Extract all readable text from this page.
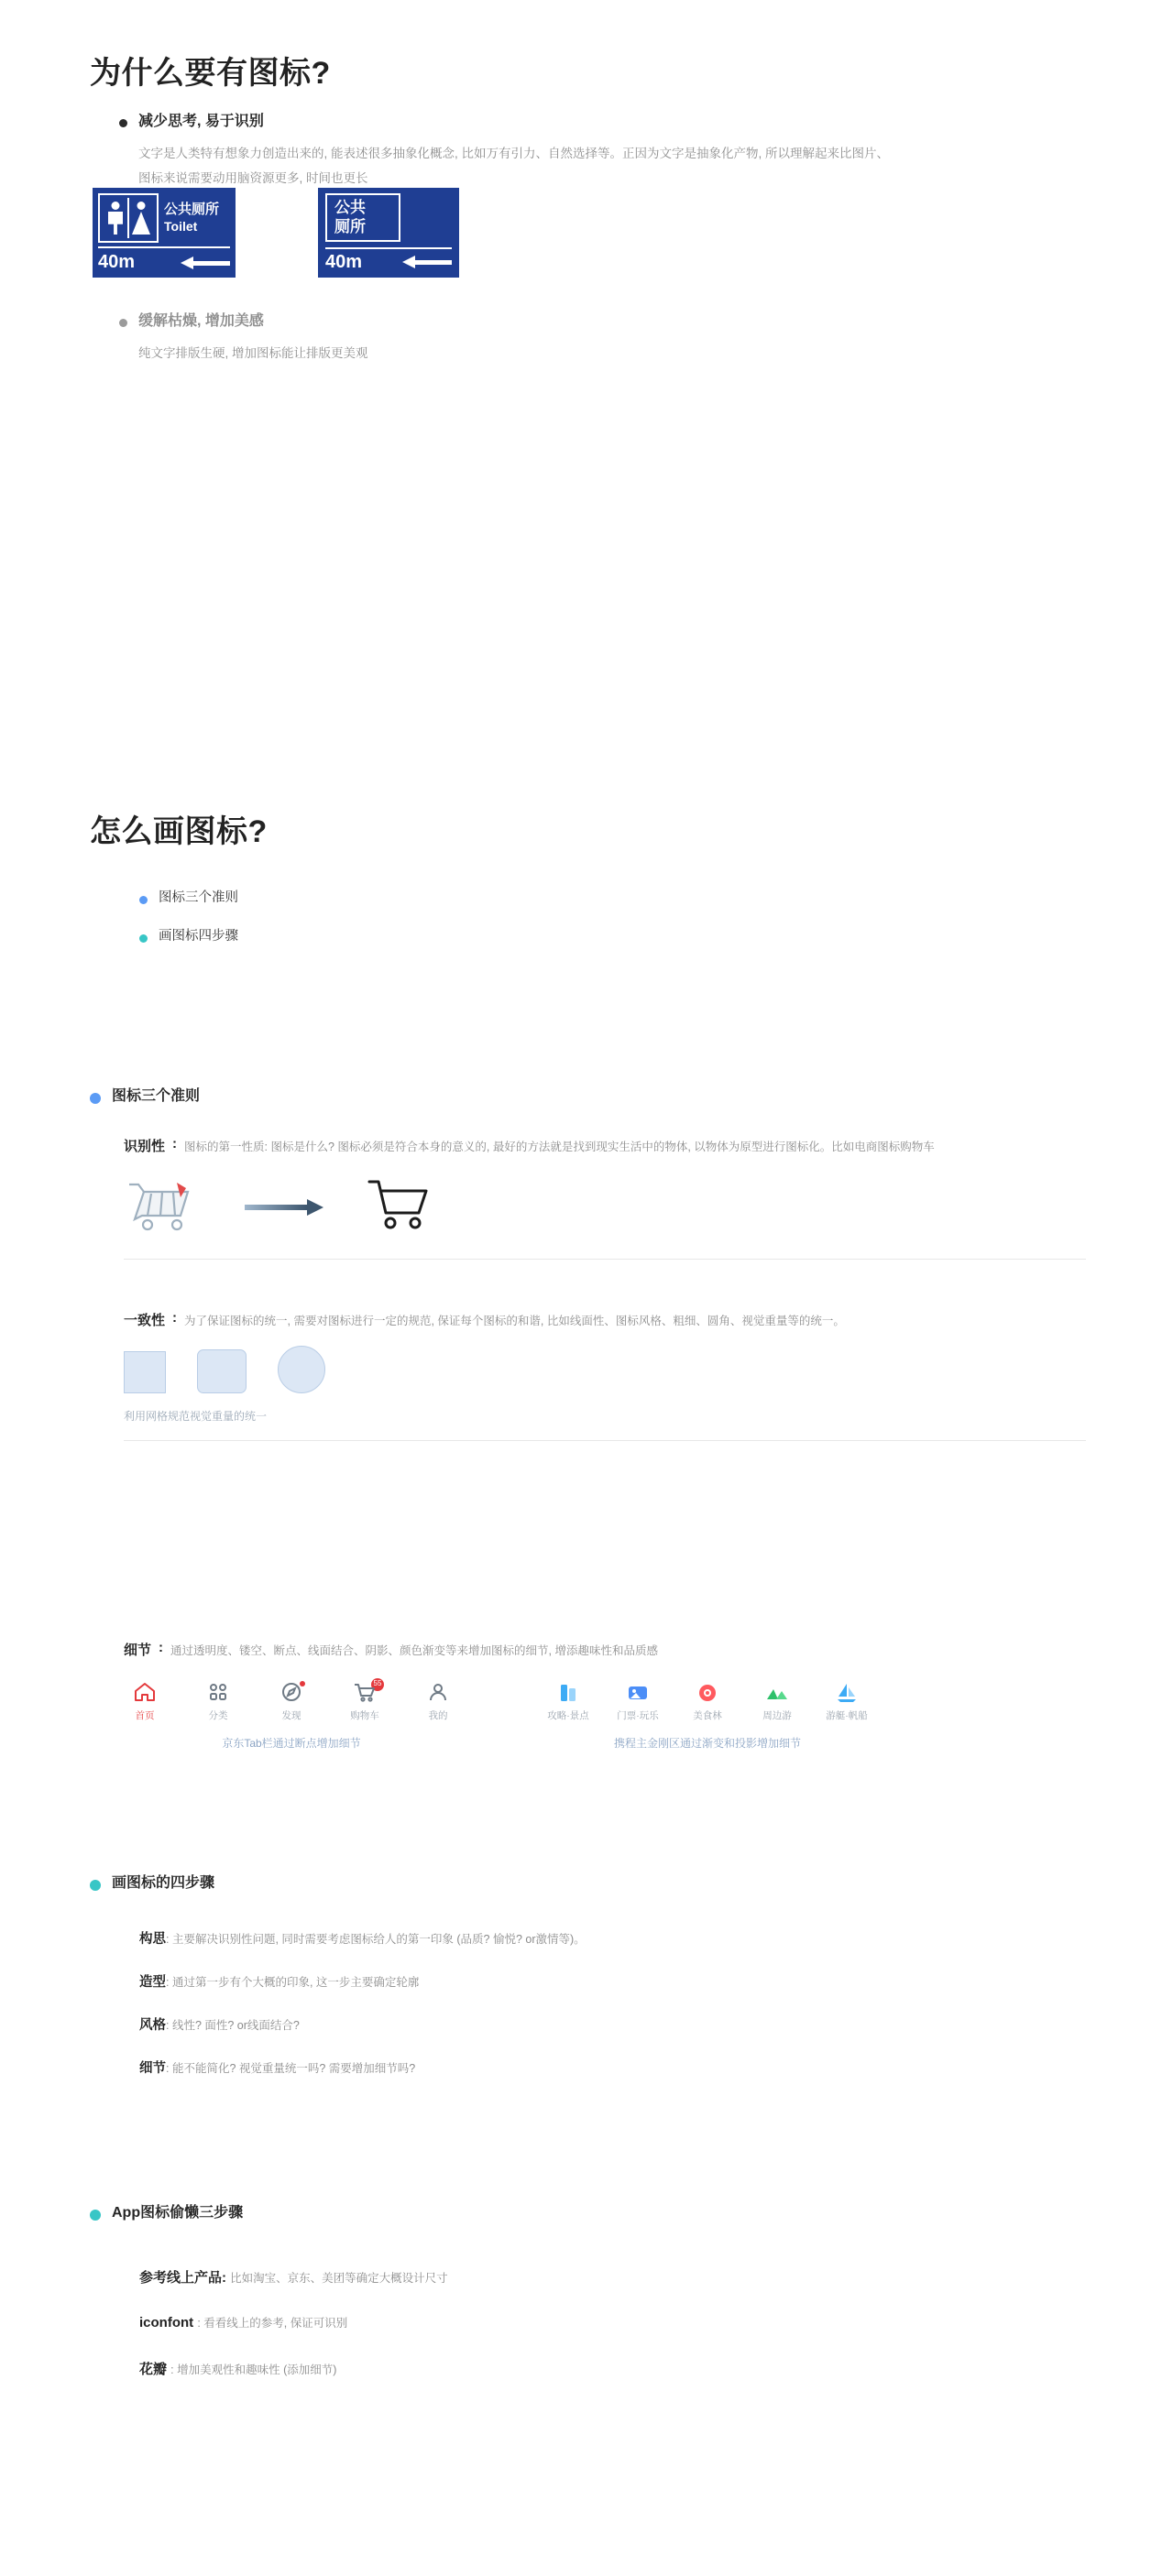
为什么要有图标?
减少思考, 易于识别

文字是人类特有想象力创造出来的, 能表述很多抽象化概念, 比如万有引力、自然选择等。正因为文字是抽象化产物, 所以理解起来比图片、图标来说需要动用脑资源更多, 时间也更长

公共厕所
Toilet
40m
公共
厕所
40m
缓解枯燥, 增加美感

纯文字排版生硬, 增加图标能让排版更美观

怎么画图标?
图标三个准则
画图标四步骤
图标三个准则
识别性 : 图标的第一性质: 图标是什么? 图标必须是符合本身的意义的, 最好的方法就是找到现实生活中的物体, 以物体为原型进行图标化。比如电商图标购物车
一致性 : 为了保证图标的统一, 需要对图标进行一定的规范, 保证每个图标的和谐, 比如线面性、图标风格、粗细、圆角、视觉重量等的统一。
利用网格规范视觉重量的统一
细节 : 通过透明度、镂空、断点、线面结合、阴影、颜色渐变等来增加图标的细节, 增添趣味性和品质感
首页	分类	发现
55
购物车	我的
京东Tab栏通过断点增加细节
攻略·景点	门票·玩乐	美食林	周边游	游艇·帆船
携程主金刚区通过渐变和投影增加细节
画图标的四步骤
构思: 主要解决识别性问题, 同时需要考虑图标给人的第一印象 (品质? 愉悦? or激情等)。
造型: 通过第一步有个大概的印象, 这一步主要确定轮廓
风格: 线性? 面性? or线面结合?
细节: 能不能简化? 视觉重量统一吗? 需要增加细节吗?
App图标偷懒三步骤
参考线上产品: 比如淘宝、京东、美团等确定大概设计尺寸
iconfont : 看看线上的参考, 保证可识别
花瓣 : 增加美观性和趣味性 (添加细节)
